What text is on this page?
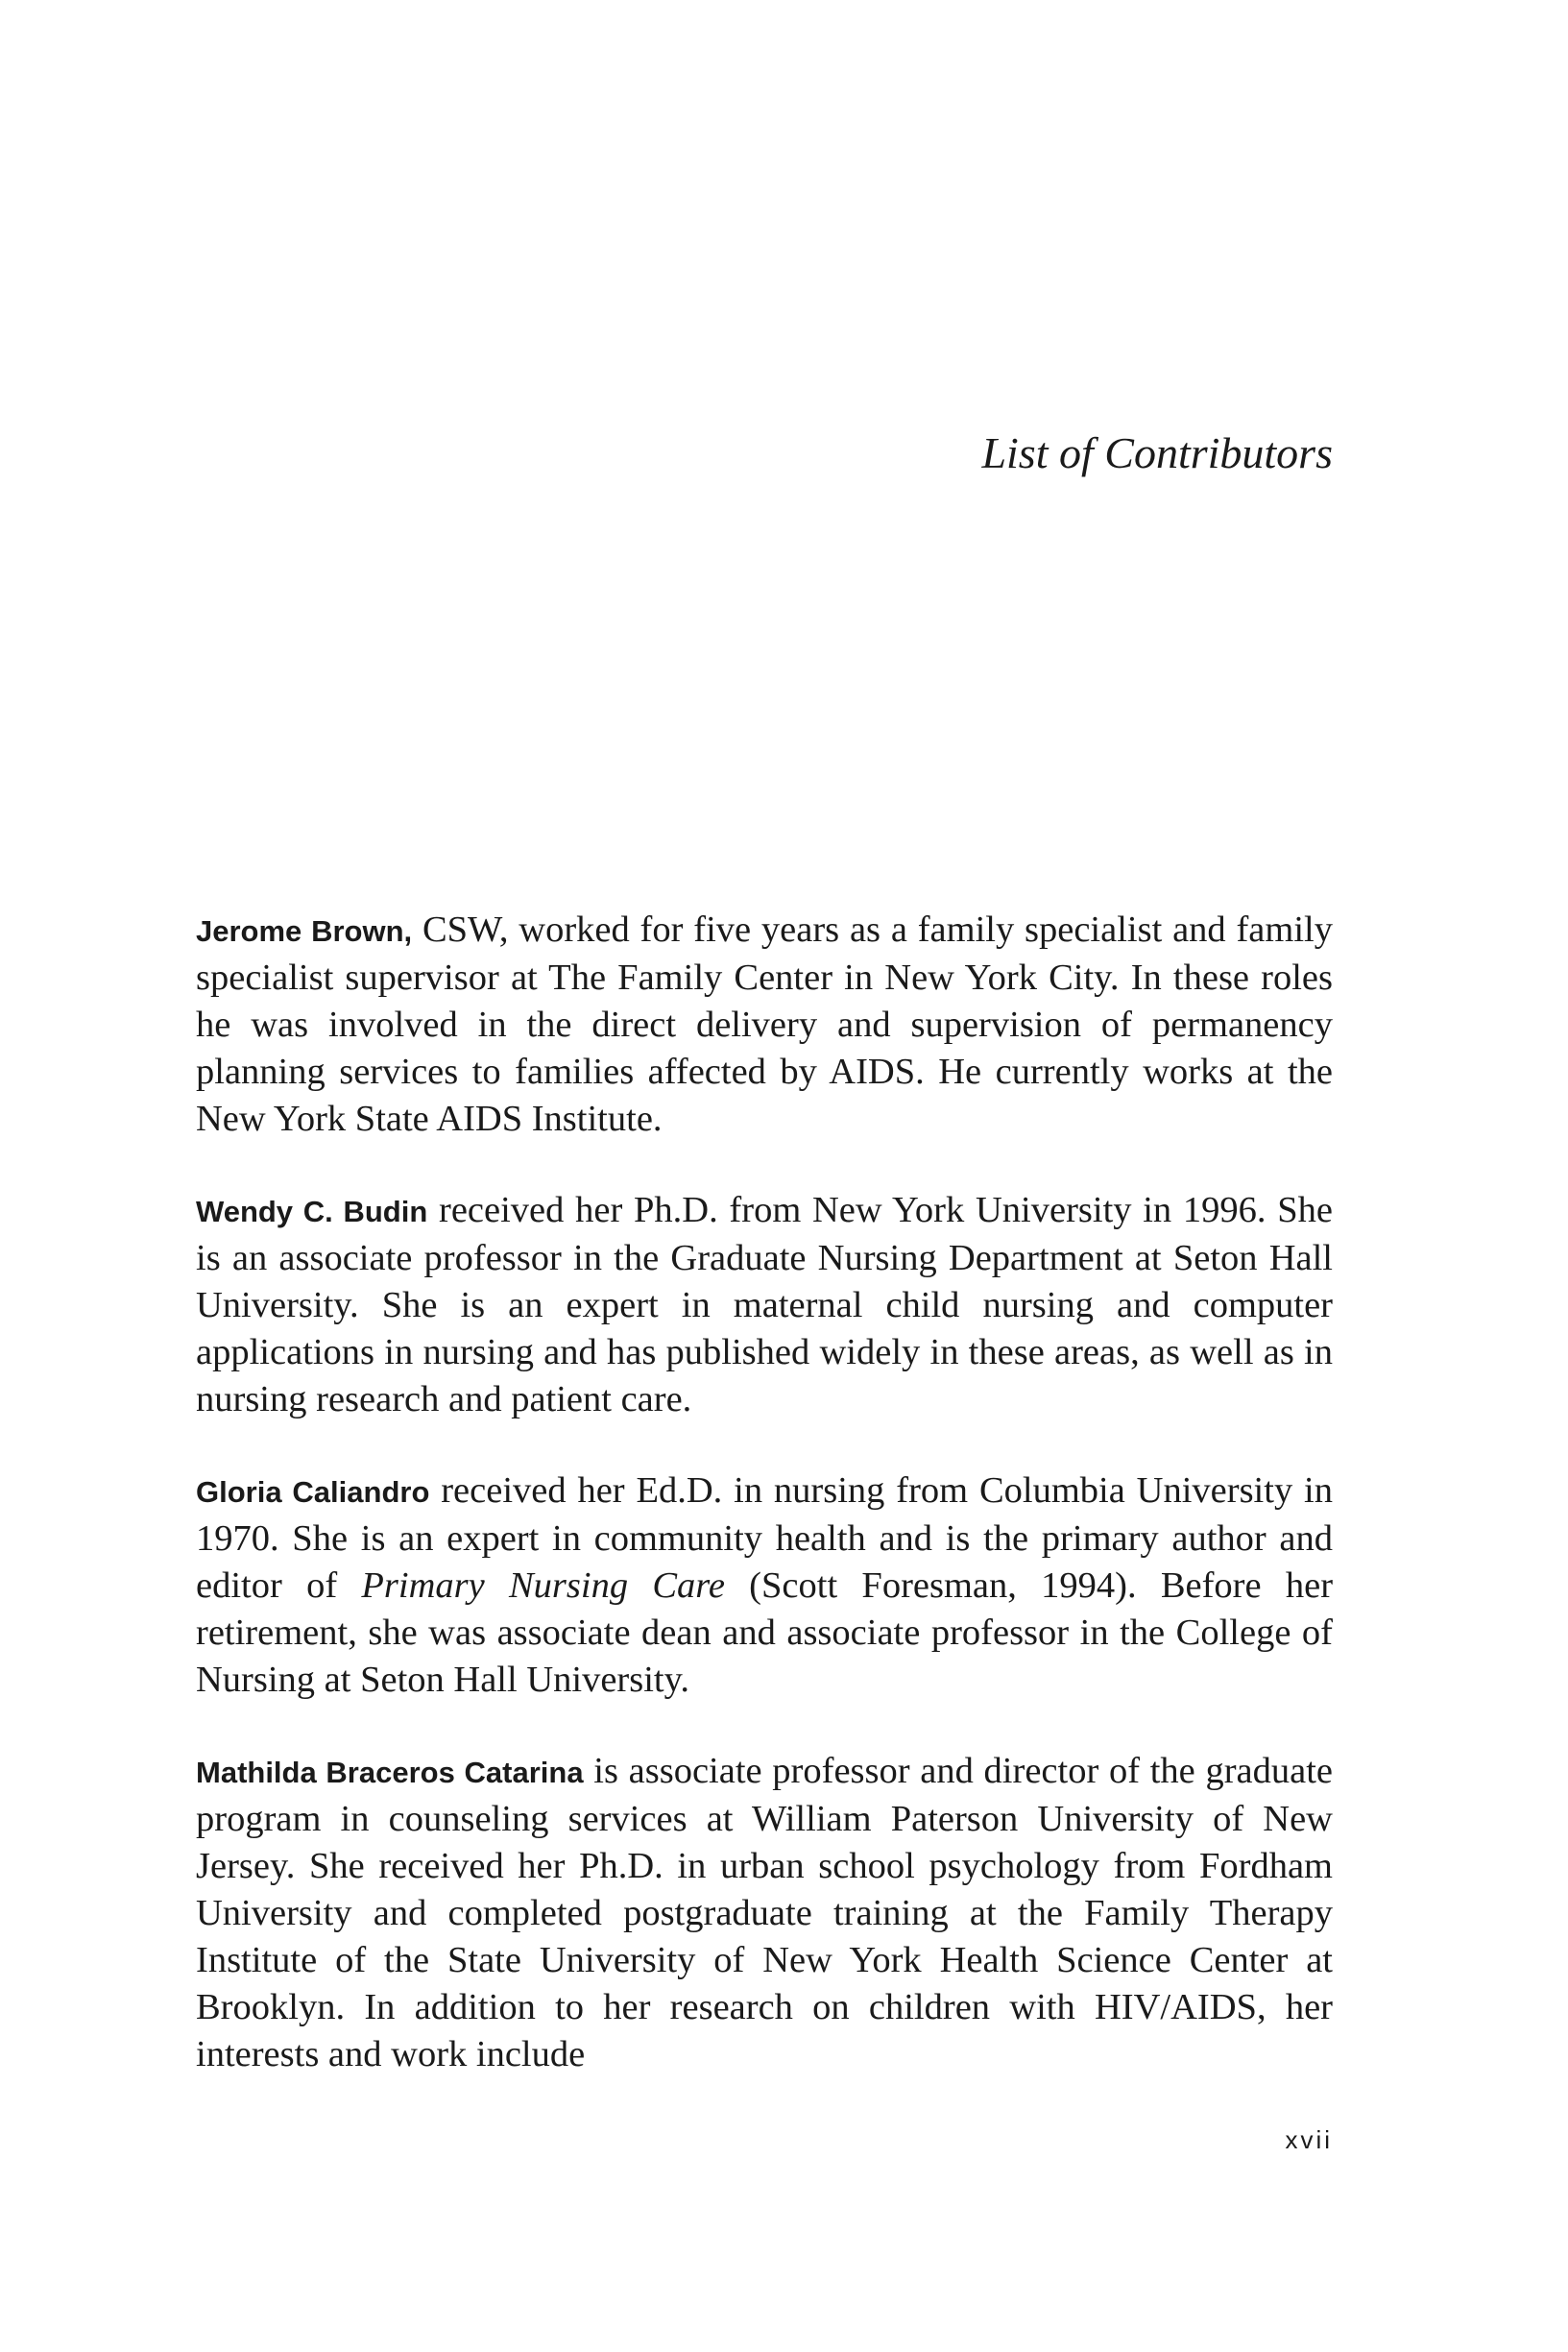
List of Contributors

Jerome Brown, CSW, worked for five years as a family specialist and family specialist supervisor at The Family Center in New York City. In these roles he was involved in the direct delivery and supervision of permanency planning services to families affected by AIDS. He currently works at the New York State AIDS Institute.

Wendy C. Budin received her Ph.D. from New York University in 1996. She is an associate professor in the Graduate Nursing Department at Seton Hall University. She is an expert in maternal child nursing and computer applications in nursing and has published widely in these areas, as well as in nursing research and patient care.

Gloria Caliandro received her Ed.D. in nursing from Columbia University in 1970. She is an expert in community health and is the primary author and editor of Primary Nursing Care (Scott Foresman, 1994). Before her retirement, she was associate dean and associate professor in the College of Nursing at Seton Hall University.

Mathilda Braceros Catarina is associate professor and director of the graduate program in counseling services at William Paterson University of New Jersey. She received her Ph.D. in urban school psychology from Fordham University and completed postgraduate training at the Family Therapy Institute of the State University of New York Health Science Center at Brooklyn. In addition to her research on children with HIV/AIDS, her interests and work include

xvii
